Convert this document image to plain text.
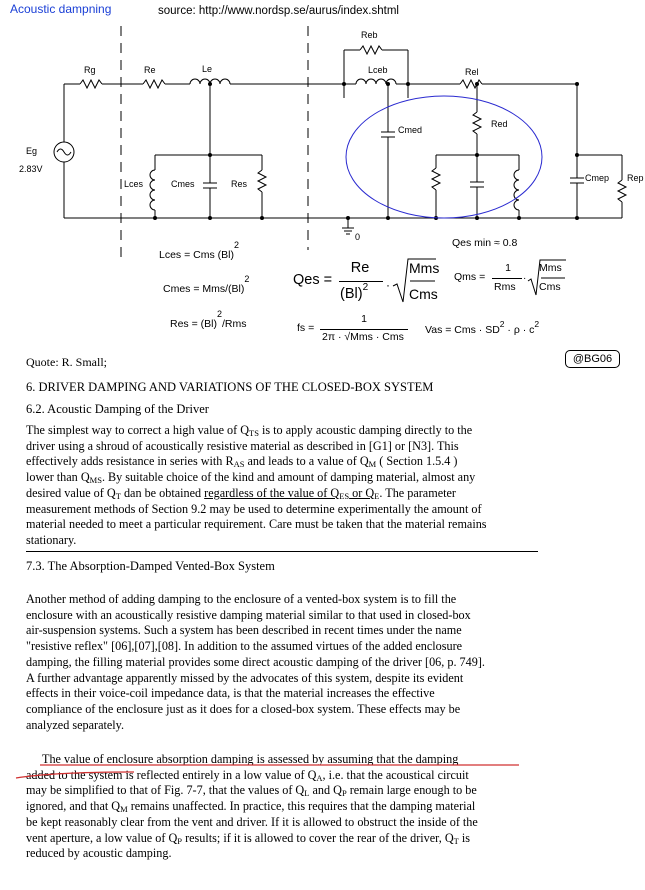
Acoustic dampning	source: http://www.nordsp.se/aurus/index.shtml
Rg	Re	Le
Reb
Lceb	Rel
Cmed
Red
Cmep Rep
Lces	Cmes	Res
Eg
2.83V
0
Lces = Cms (Bl)2
Cmes = Mms/(Bl)2
Res = (Bl)2/Rms
Qes =
Re
$(Bl)^2$ ·
Mms
Cms
Qms =
1
Rms
·
Mms
Cms
Qes min ≈ 0.8
fs =
1
2π · √Mms · Cms
Vas = Cms · $SD^2 \cdot \rho \cdot c^2$
Quote: R. Small;	@BG06
6. DRIVER DAMPING AND VARIATIONS OF THE CLOSED-BOX SYSTEM
6.2. Acoustic Damping of the Driver
The simplest way to correct a high value of $Q_{TS}$ is to apply acoustic damping directly to the
driver using a shroud of acoustically resistive material as described in [G1] or [N3]. This
effectively adds resistance in series with $R_{AS}$ and leads to a value of $Q_M$ ( Section 1.5.4 )
lower than $Q_{MS}$. By suitable choice of the kind and amount of damping material, almost any
desired value of $Q_T$ dan be obtained regardless of the value of $Q_{ES}$ or $Q_E$. The parameter
measurement methods of Section 9.2 may be used to determine experimentally the amount of
material needed to meet a particular requirement. Care must be taken that the material remains
stationary.
7.3. The Absorption-Damped Vented-Box System
Another method of adding damping to the enclosure of a vented-box system is to fill the
enclosure with an acoustically resistive damping material similar to that used in closed-box
air-suspension systems. Such a system has been described in recent times under the name
"resistive reflex" [06],[07],[08]. In addition to the assumed virtues of the added enclosure
damping, the filling material provides some direct acoustic damping of the driver [06, p. 749].
A further advantage apparently missed by the advocates of this system, despite its evident
effects in their voice-coil impedance data, is that the material increases the effective
compliance of the enclosure just as it does for a closed-box system. These effects may be
analyzed separately.
The value of enclosure absorption damping is assessed by assuming that the damping
added to the system is reflected entirely in a low value of $Q_A$, i.e. that the acoustical circuit
may be simplified to that of Fig. 7-7, that the values of $Q_L$ and $Q_P$ remain large enough to be
ignored, and that $Q_M$ remains unaffected. In practice, this requires that the damping material
be kept reasonably clear from the vent and driver. If it is allowed to obstruct the inside of the
vent aperture, a low value of $Q_P$ results; if it is allowed to cover the rear of the driver, $Q_T$ is
reduced by acoustic damping.
